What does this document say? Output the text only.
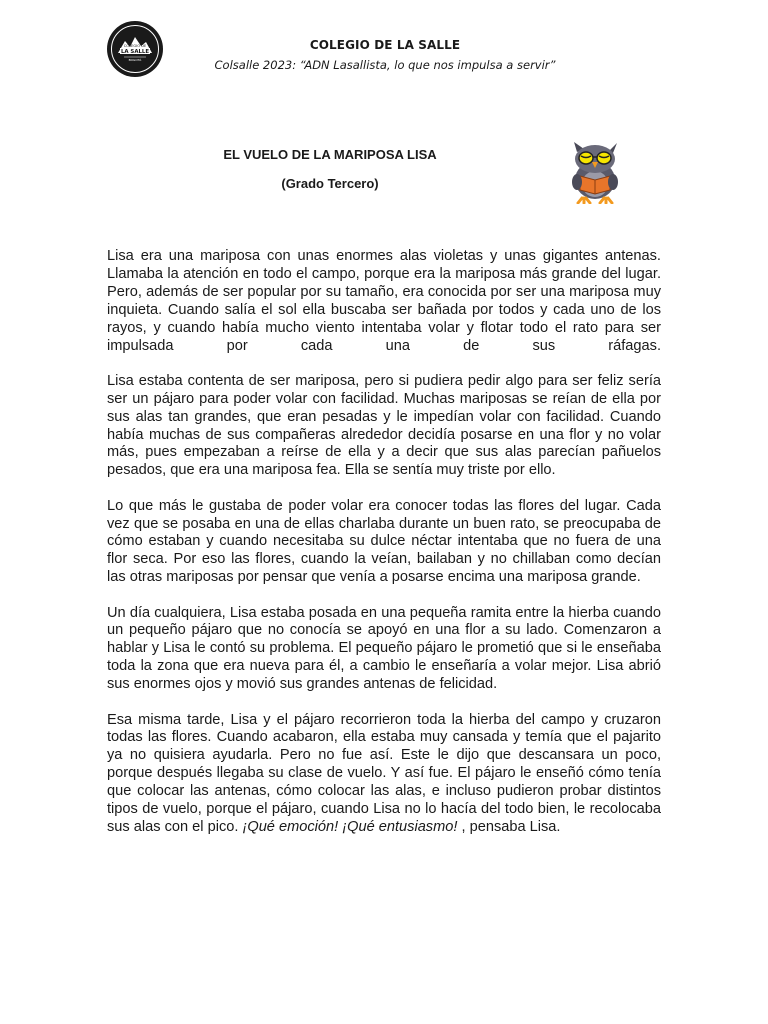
COLEGIO DE
LA SALLE
BOGOTÁ
COLEGIO DE LA SALLE
Colsalle 2023: “ADN Lasallista, lo que nos impulsa a servir”
EL VUELO DE LA MARIPOSA LISA
(Grado Tercero)

Lisa era una mariposa con unas enormes alas violetas y unas gigantes antenas. Llamaba la atención en todo el campo, porque era la mariposa más grande del lugar. Pero, además de ser popular por su tamaño, era conocida por ser una mariposa muy inquieta. Cuando salía el sol ella buscaba ser bañada por todos y cada uno de los rayos, y cuando había mucho viento intentaba volar y flotar todo el rato para ser impulsada por cada una de sus ráfagas.

Lisa estaba contenta de ser mariposa, pero si pudiera pedir algo para ser feliz sería ser un pájaro para poder volar con facilidad. Muchas mariposas se reían de ella por sus alas tan grandes, que eran pesadas y le impedían volar con facilidad. Cuando había muchas de sus compañeras alrededor decidía posarse en una flor y no volar más, pues empezaban a reírse de ella y a decir que sus alas parecían pañuelos pesados, que era una mariposa fea. Ella se sentía muy triste por ello.

Lo que más le gustaba de poder volar era conocer todas las flores del lugar. Cada vez que se posaba en una de ellas charlaba durante un buen rato, se preocupaba de cómo estaban y cuando necesitaba su dulce néctar intentaba que no fuera de una flor seca. Por eso las flores, cuando la veían, bailaban y no chillaban como decían las otras mariposas por pensar que venía a posarse encima una mariposa grande.

Un día cualquiera, Lisa estaba posada en una pequeña ramita entre la hierba cuando un pequeño pájaro que no conocía se apoyó en una flor a su lado. Comenzaron a hablar y Lisa le contó su problema. El pequeño pájaro le prometió que si le enseñaba toda la zona que era nueva para él, a cambio le enseñaría a volar mejor. Lisa abrió sus enormes ojos y movió sus grandes antenas de felicidad.

Esa misma tarde, Lisa y el pájaro recorrieron toda la hierba del campo y cruzaron todas las flores. Cuando acabaron, ella estaba muy cansada y temía que el pajarito ya no quisiera ayudarla. Pero no fue así. Este le dijo que descansara un poco, porque después llegaba su clase de vuelo. Y así fue. El pájaro le enseñó cómo tenía que colocar las antenas, cómo colocar las alas, e incluso pudieron probar distintos tipos de vuelo, porque el pájaro, cuando Lisa no lo hacía del todo bien, le recolocaba sus alas con el pico. ¡Qué emoción! ¡Qué entusiasmo! , pensaba Lisa.
